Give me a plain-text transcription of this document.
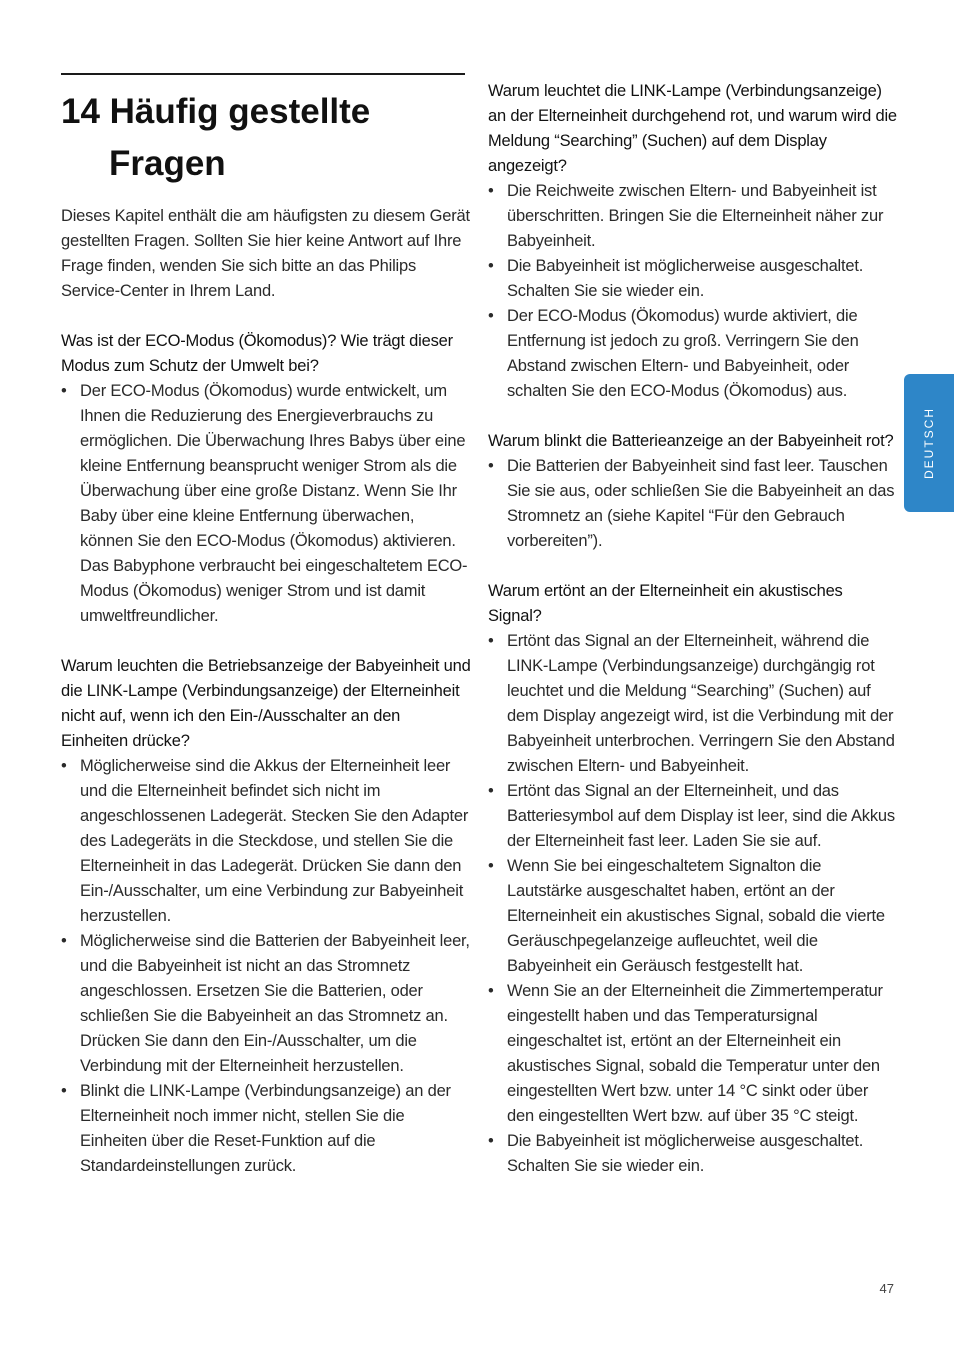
14 Häufig gestellte
Fragen

Dieses Kapitel enthält die am häufigsten zu diesem Gerät gestellten Fragen. Sollten Sie hier keine Antwort auf Ihre Frage finden, wenden Sie sich bitte an das Philips Service-Center in Ihrem Land.

Was ist der ECO-Modus (Ökomodus)? Wie trägt dieser Modus zum Schutz der Umwelt bei?

• Der ECO-Modus (Ökomodus) wurde entwickelt, um Ihnen die Reduzierung des Energieverbrauchs zu ermöglichen. Die Überwachung Ihres Babys über eine kleine Entfernung beansprucht weniger Strom als die Überwachung über eine große Distanz. Wenn Sie Ihr Baby über eine kleine Entfernung überwachen, können Sie den ECO-Modus (Ökomodus) aktivieren. Das Babyphone verbraucht bei eingeschaltetem ECO-Modus (Ökomodus) weniger Strom und ist damit umweltfreundlicher.

Warum leuchten die Betriebsanzeige der Babyeinheit und die LINK-Lampe (Verbindungsanzeige) der Elterneinheit nicht auf, wenn ich den Ein-/Ausschalter an den Einheiten drücke?

• Möglicherweise sind die Akkus der Elterneinheit leer und die Elterneinheit befindet sich nicht im angeschlossenen Ladegerät. Stecken Sie den Adapter des Ladegeräts in die Steckdose, und stellen Sie die Elterneinheit in das Ladegerät. Drücken Sie dann den Ein-/Ausschalter, um eine Verbindung zur Babyeinheit herzustellen.
• Möglicherweise sind die Batterien der Babyeinheit leer, und die Babyeinheit ist nicht an das Stromnetz angeschlossen. Ersetzen Sie die Batterien, oder schließen Sie die Babyeinheit an das Stromnetz an. Drücken Sie dann den Ein-/Ausschalter, um die Verbindung mit der Elterneinheit herzustellen.
• Blinkt die LINK-Lampe (Verbindungsanzeige) an der Elterneinheit noch immer nicht, stellen Sie die Einheiten über die Reset-Funktion auf die Standardeinstellungen zurück.

Warum leuchtet die LINK-Lampe (Verbindungsanzeige) an der Elterneinheit durchgehend rot, und warum wird die Meldung “Searching” (Suchen) auf dem Display angezeigt?

• Die Reichweite zwischen Eltern- und Babyeinheit ist überschritten. Bringen Sie die Elterneinheit näher zur Babyeinheit.
• Die Babyeinheit ist möglicherweise ausgeschaltet. Schalten Sie sie wieder ein.
• Der ECO-Modus (Ökomodus) wurde aktiviert, die Entfernung ist jedoch zu groß. Verringern Sie den Abstand zwischen Eltern- und Babyeinheit, oder schalten Sie den ECO-Modus (Ökomodus) aus.

Warum blinkt die Batterieanzeige an der Babyeinheit rot?

• Die Batterien der Babyeinheit sind fast leer. Tauschen Sie sie aus, oder schließen Sie die Babyeinheit an das Stromnetz an (siehe Kapitel “Für den Gebrauch vorbereiten”).

Warum ertönt an der Elterneinheit ein akustisches Signal?

• Ertönt das Signal an der Elterneinheit, während die LINK-Lampe (Verbindungsanzeige) durchgängig rot leuchtet und die Meldung “Searching” (Suchen) auf dem Display angezeigt wird, ist die Verbindung mit der Babyeinheit unterbrochen. Verringern Sie den Abstand zwischen Eltern- und Babyeinheit.
• Ertönt das Signal an der Elterneinheit, und das Batteriesymbol auf dem Display ist leer, sind die Akkus der Elterneinheit fast leer. Laden Sie sie auf.
• Wenn Sie bei eingeschaltetem Signalton die Lautstärke ausgeschaltet haben, ertönt an der Elterneinheit ein akustisches Signal, sobald die vierte Geräuschpegelanzeige aufleuchtet, weil die Babyeinheit ein Geräusch festgestellt hat.
• Wenn Sie an der Elterneinheit die Zimmertemperatur eingestellt haben und das Temperatursignal eingeschaltet ist, ertönt an der Elterneinheit ein akustisches Signal, sobald die Temperatur unter den eingestellten Wert bzw. unter 14 °C sinkt oder über den eingestellten Wert bzw. auf über 35 °C steigt.
• Die Babyeinheit ist möglicherweise ausgeschaltet. Schalten Sie sie wieder ein.
DEUTSCH
47
